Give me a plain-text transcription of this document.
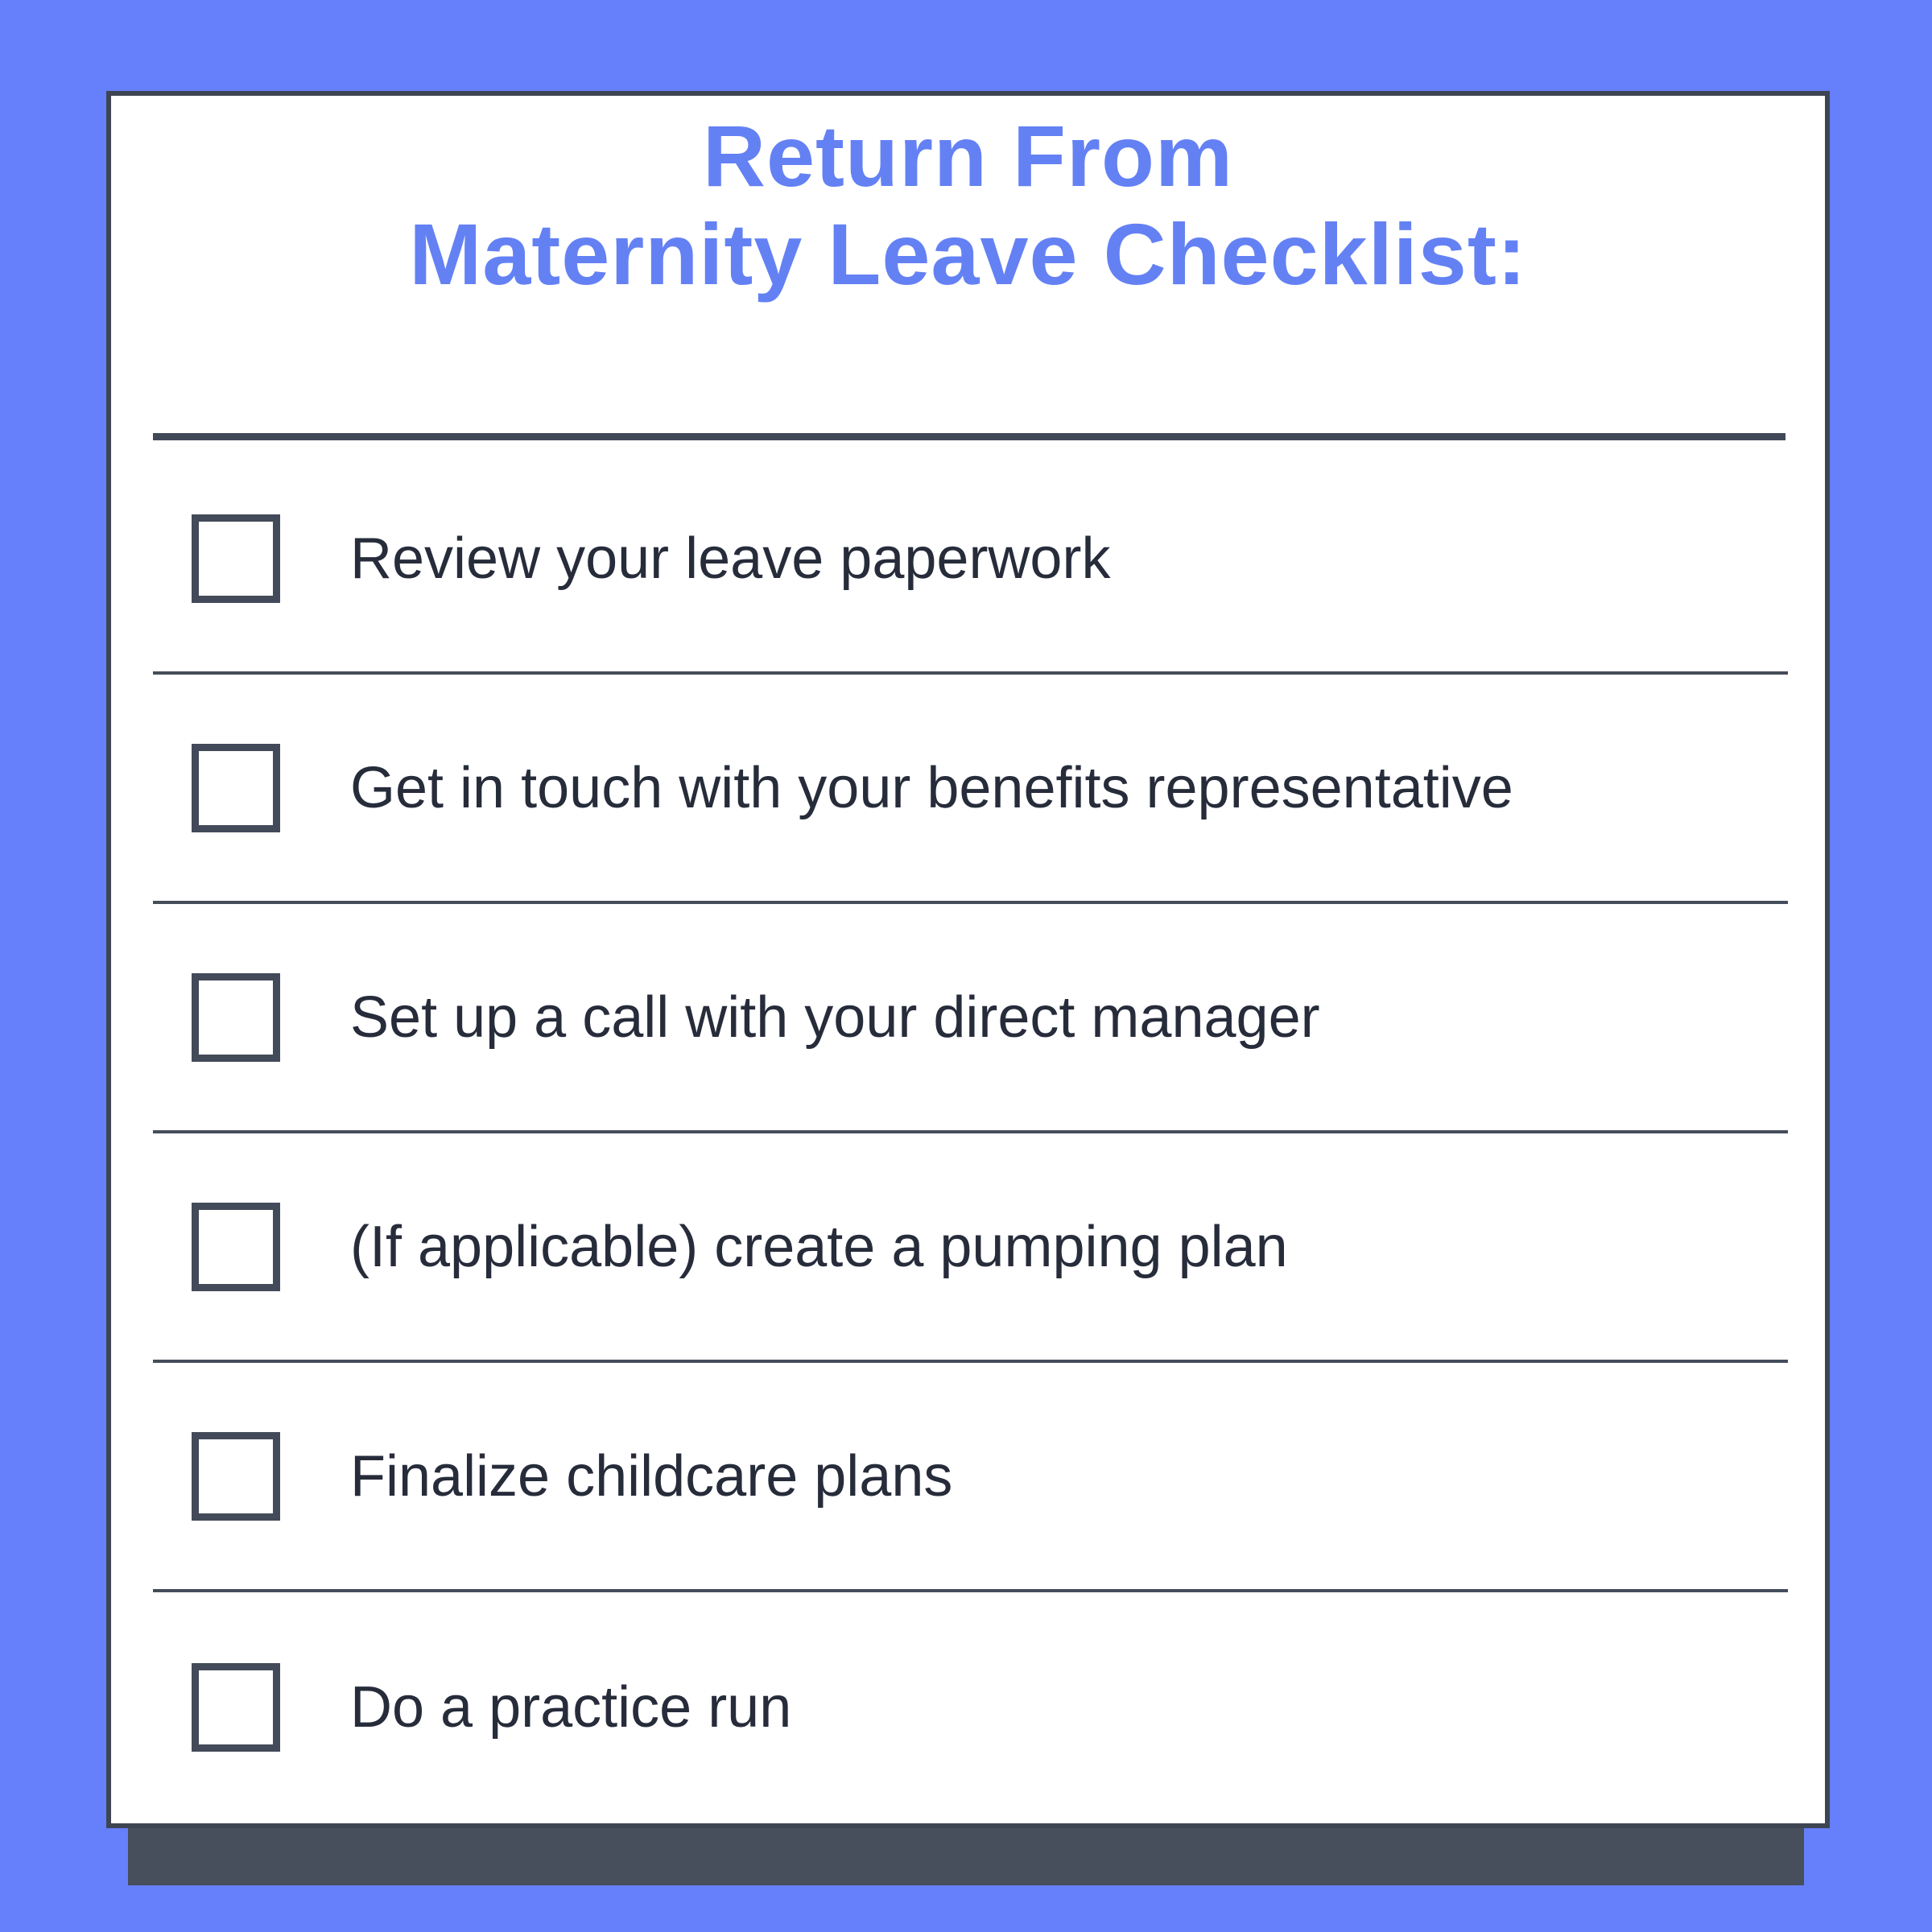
Return From
Maternity Leave Checklist:
Review your leave paperwork
Get in touch with your benefits representative
Set up a call with your direct manager
(If applicable) create a pumping plan
Finalize childcare plans
Do a practice run
